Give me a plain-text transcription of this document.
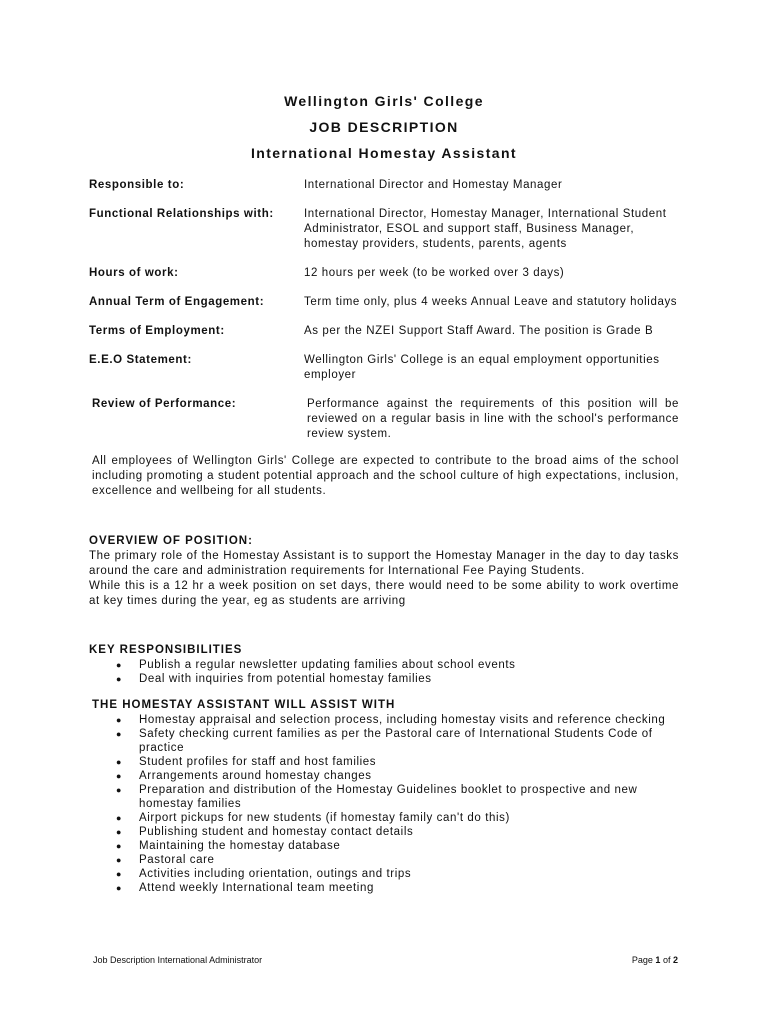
Wellington Girls' College
JOB DESCRIPTION
International Homestay Assistant
Responsible to:	International Director and Homestay Manager
Functional Relationships with:	International Director, Homestay Manager, International Student Administrator, ESOL and support staff, Business Manager, homestay providers, students, parents, agents
Hours of work:	12 hours per week (to be worked over 3 days)
Annual Term of Engagement:	Term time only, plus 4 weeks Annual Leave and statutory holidays
Terms of Employment:	As per the NZEI Support Staff Award. The position is Grade B
E.E.O Statement:	Wellington Girls' College is an equal employment opportunities employer
Review of Performance:	Performance against the requirements of this position will be reviewed on a regular basis in line with the school's performance review system.
All employees of Wellington Girls' College are expected to contribute to the broad aims of the school including promoting a student potential approach and the school culture of high expectations, inclusion, excellence and wellbeing for all students.
OVERVIEW OF POSITION:
The primary role of the Homestay Assistant is to support the Homestay Manager in the day to day tasks around the care and administration requirements for International Fee Paying Students.
While this is a 12 hr a week position on set days, there would need to be some ability to work overtime at key times during the year, eg as students are arriving
KEY RESPONSIBILITIES
● Publish a regular newsletter updating families about school events
● Deal with inquiries from potential homestay families
THE HOMESTAY ASSISTANT WILL ASSIST WITH
● Homestay appraisal and selection process, including homestay visits and reference checking
● Safety checking current families as per the Pastoral care of International Students Code of practice
● Student profiles for staff and host families
● Arrangements around homestay changes
● Preparation and distribution of the Homestay Guidelines booklet to prospective and new homestay families
● Airport pickups for new students (if homestay family can't do this)
● Publishing student and homestay contact details
● Maintaining the homestay database
● Pastoral care
● Activities including orientation, outings and trips
● Attend weekly International team meeting
Job Description International Administrator	Page 1 of 2
